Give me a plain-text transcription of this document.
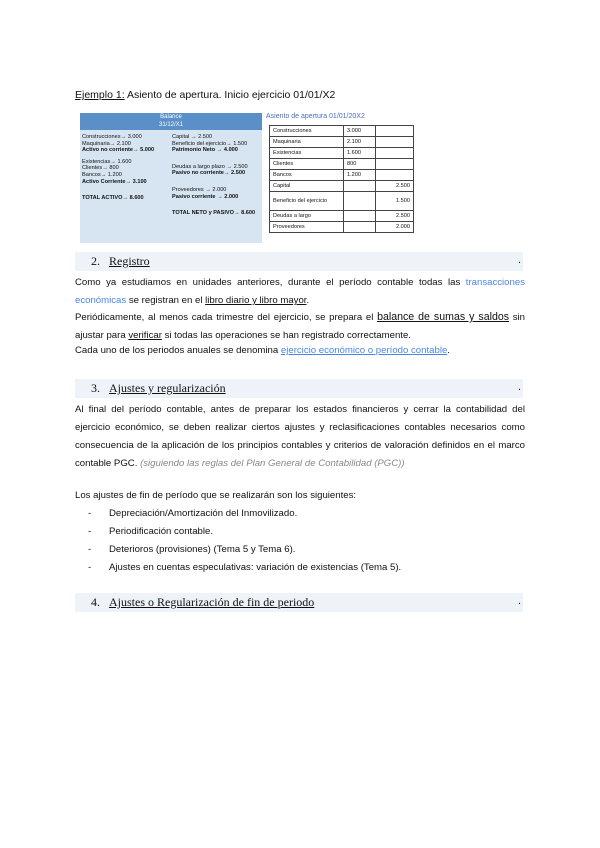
Ejemplo 1: Asiento de apertura. Inicio ejercicio 01/01/X2
Balance
31/12/X1
Construcciones→ 3.000
Maquinaria→ 2.100
Activo no corriente→ 5.000
Existencias→ 1.600
Clientes→ 800
Bancos→ 1.200
Activo Corriente→ 3.100
TOTAL ACTIVO→ 8.600
Capital → 2.500
Beneficio del ejercicio→ 1.500
Patrimonio Neto → 4.000
Deudas a largo plazo → 2.500
Pasivo no corriente→ 2.500
Proveedores → 2.000
Pasivo corriente → 2.000
TOTAL NETO y PASIVO→ 8.600
Asiento de apertura 01/01/20X2
Construcciones	3.000	
Maquinaria	2.100	
Existencias	1.600	
Clientes	800	
Bancos	1.200	
Capital		2.500
Beneficio del ejercicio		1.500
Deudas a largo		2.500
Proveedores		2.000
2. Registro	.
Como ya estudiamos en unidades anteriores, durante el período contable todas las transacciones económicas se registran en el libro diario y libro mayor.
Periódicamente, al menos cada trimestre del ejercicio, se prepara el balance de sumas y saldos sin ajustar para verificar si todas las operaciones se han registrado correctamente.
Cada uno de los periodos anuales se denomina ejercicio económico o período contable.
3. Ajustes y regularización	.
Al final del período contable, antes de preparar los estados financieros y cerrar la contabilidad del ejercicio económico, se deben realizar ciertos ajustes y reclasificaciones contables necesarios como consecuencia de la aplicación de los principios contables y criterios de valoración definidos en el marco contable PGC. (siguiendo las reglas del Plan General de Contabilidad (PGC))
Los ajustes de fin de período que se realizarán son los siguientes:
- Depreciación/Amortización del Inmovilizado.
- Periodificación contable.
- Deterioros (provisiones) (Tema 5 y Tema 6).
- Ajustes en cuentas especulativas: variación de existencias (Tema 5).
4. Ajustes o Regularización de fin de periodo	.
